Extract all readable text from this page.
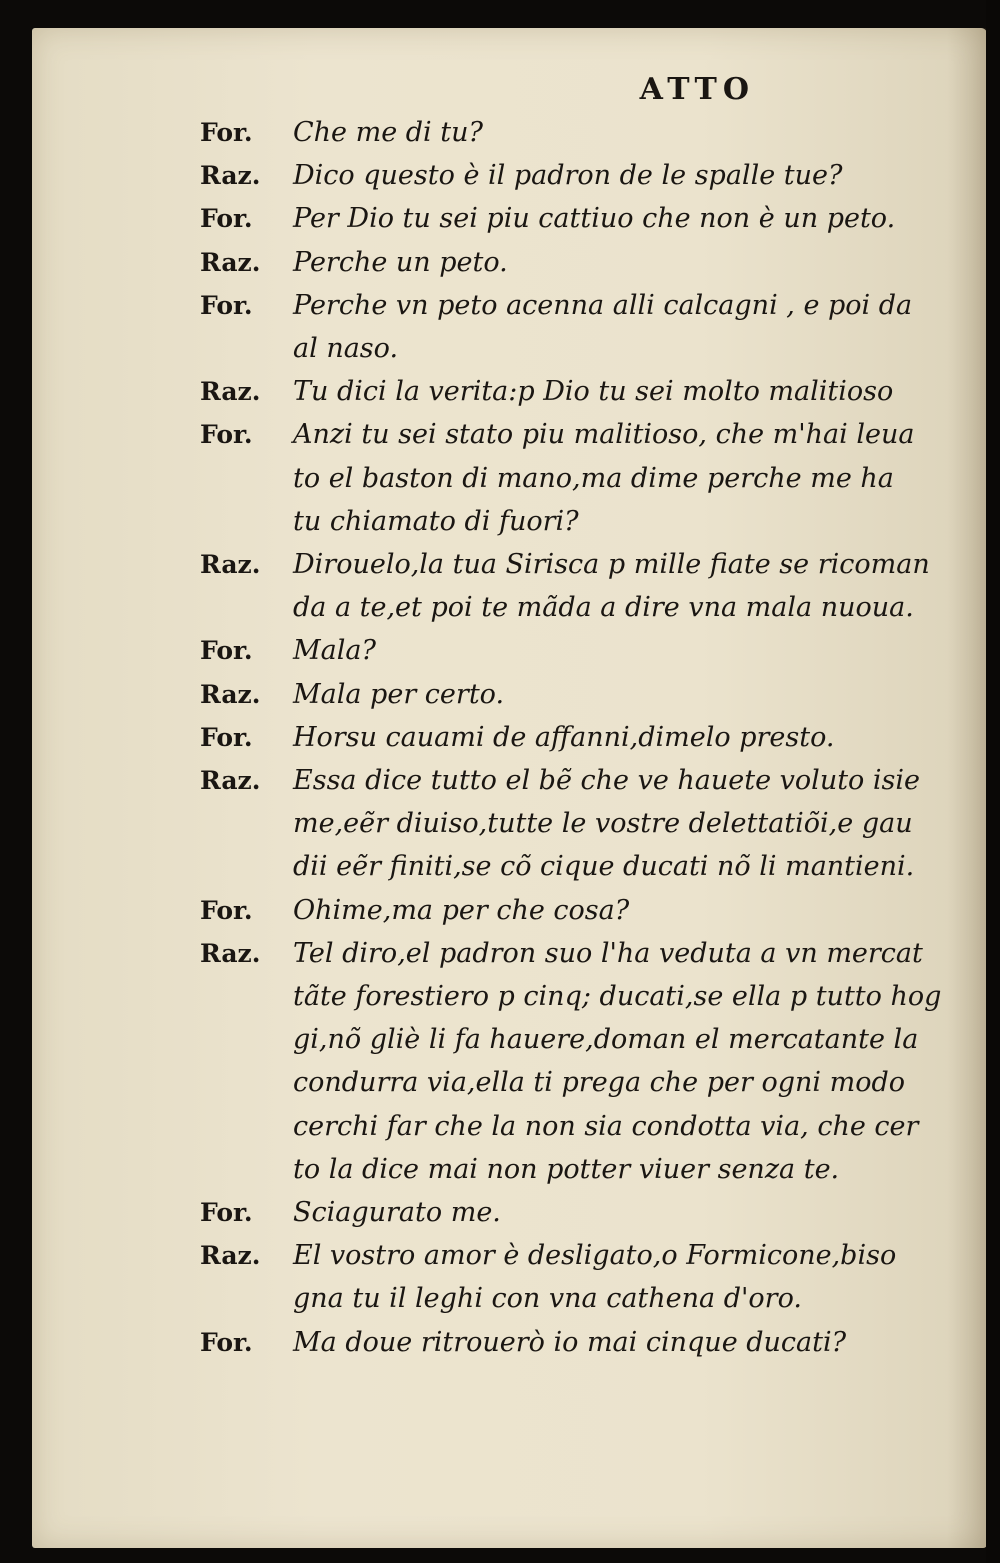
ATTO
For. Che me di tu?
Raz. Dico questo è il padron de le spalle tue?
For. Per Dio tu sei piu cattiuo che non è un peto.
Raz. Perche un peto.
For. Perche vn peto acenna alli calcagni , e poi da
al naso.
Raz. Tu dici la verita:p Dio tu sei molto malitioso
For. Anzi tu sei stato piu malitioso, che m'hai leua
to el baston di mano,ma dime perche me ha
tu chiamato di fuori?
Raz. Dirouelo,la tua Sirisca p mille fiate se ricoman
da a te,et poi te mãda a dire vna mala nuoua.
For. Mala?
Raz. Mala per certo.
For. Horsu cauami de affanni,dimelo presto.
Raz. Essa dice tutto el bẽ che ve hauete voluto isie
me,eẽr diuiso,tutte le vostre delettatiõi,e gau
dii eẽr finiti,se cõ cique ducati nõ li mantieni.
For. Ohime,ma per che cosa?
Raz. Tel diro,el padron suo l'ha veduta a vn mercat
tãte forestiero p cinq; ducati,se ella p tutto hog
gi,nõ gliè li fa hauere,doman el mercatante la
condurra via,ella ti prega che per ogni modo
cerchi far che la non sia condotta via, che cer
to la dice mai non potter viuer senza te.
For. Sciagurato me.
Raz. El vostro amor è desligato,o Formicone,biso
gna tu il leghi con vna cathena d'oro.
For. Ma doue ritrouerò io mai cinque ducati?
